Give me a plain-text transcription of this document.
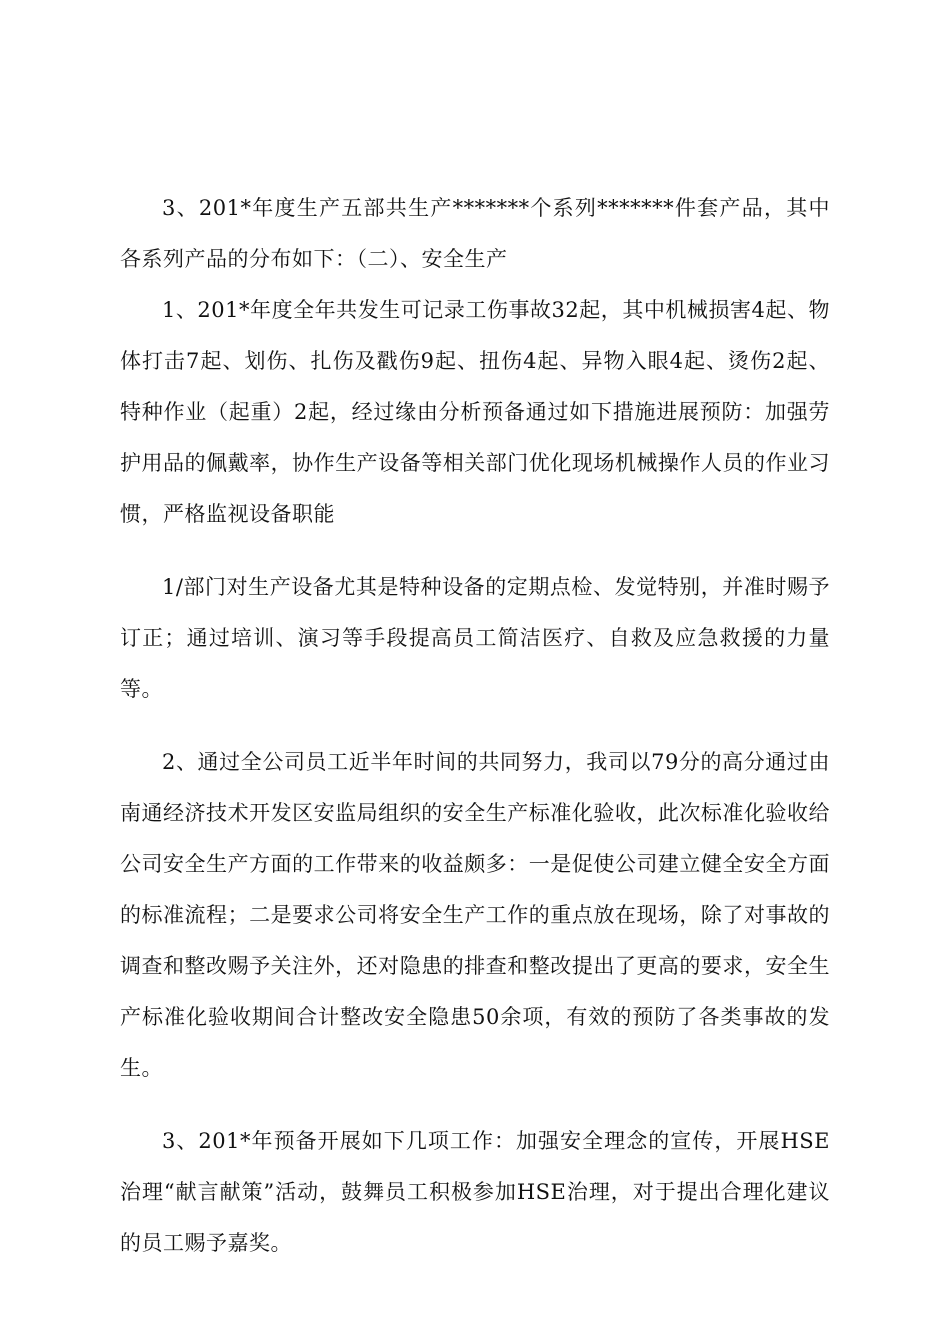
3、201*年度生产五部共生产*******个系列*******件套产品，其中各系列产品的分布如下：（二）、安全生产

1、201*年度全年共发生可记录工伤事故32起，其中机械损害4起、物体打击7起、划伤、扎伤及戳伤9起、扭伤4起、异物入眼4起、烫伤2起、特种作业（起重）2起，经过缘由分析预备通过如下措施进展预防：加强劳护用品的佩戴率，协作生产设备等相关部门优化现场机械操作人员的作业习惯，严格监视设备职能

1/部门对生产设备尤其是特种设备的定期点检、发觉特别，并准时赐予订正；通过培训、演习等手段提高员工简洁医疗、自救及应急救援的力量等。

2、通过全公司员工近半年时间的共同努力，我司以79分的高分通过由南通经济技术开发区安监局组织的安全生产标准化验收，此次标准化验收给公司安全生产方面的工作带来的收益颇多：一是促使公司建立健全安全方面的标准流程；二是要求公司将安全生产工作的重点放在现场，除了对事故的调查和整改赐予关注外，还对隐患的排查和整改提出了更高的要求，安全生产标准化验收期间合计整改安全隐患50余项，有效的预防了各类事故的发生。

3、201*年预备开展如下几项工作：加强安全理念的宣传，开展HSE治理“献言献策”活动，鼓舞员工积极参加HSE治理，对于提出合理化建议的员工赐予嘉奖。
